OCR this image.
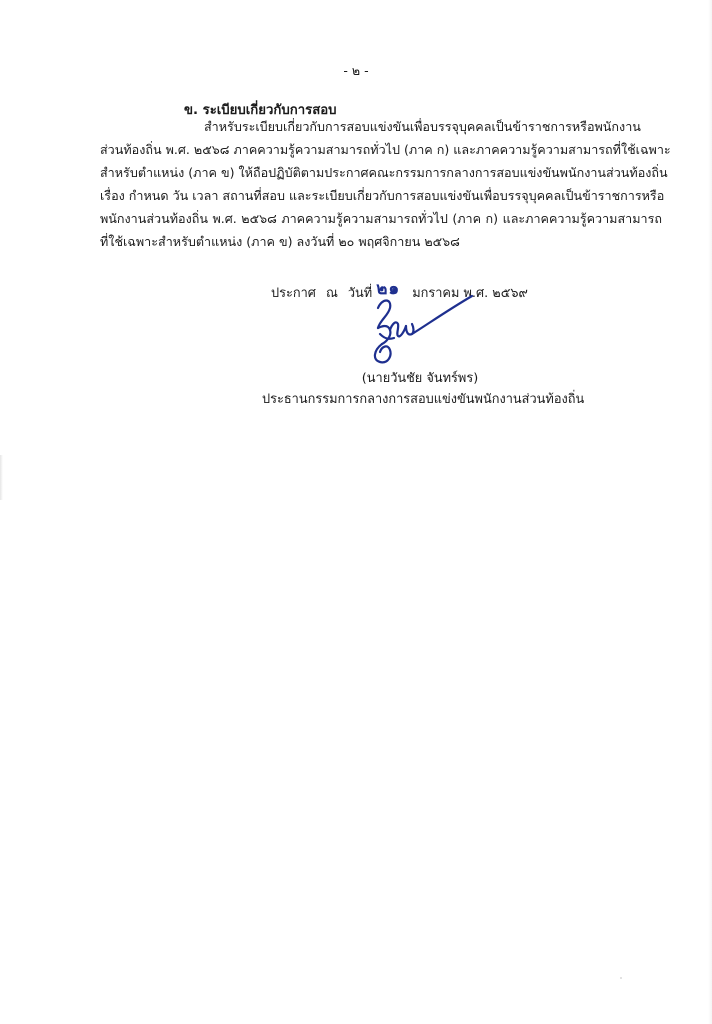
- ๒ -
ข. ระเบียบเกี่ยวกับการสอบ
สำหรับระเบียบเกี่ยวกับการสอบแข่งขันเพื่อบรรจุบุคคลเป็นข้าราชการหรือพนักงาน
ส่วนท้องถิ่น พ.ศ. ๒๕๖๘ ภาคความรู้ความสามารถทั่วไป (ภาค ก) และภาคความรู้ความสามารถที่ใช้เฉพาะ
สำหรับตำแหน่ง (ภาค ข) ให้ถือปฏิบัติตามประกาศคณะกรรมการกลางการสอบแข่งขันพนักงานส่วนท้องถิ่น
เรื่อง กำหนด วัน เวลา สถานที่สอบ และระเบียบเกี่ยวกับการสอบแข่งขันเพื่อบรรจุบุคคลเป็นข้าราชการหรือ
พนักงานส่วนท้องถิ่น พ.ศ. ๒๕๖๘ ภาคความรู้ความสามารถทั่วไป (ภาค ก) และภาคความรู้ความสามารถ
ที่ใช้เฉพาะสำหรับตำแหน่ง (ภาค ข) ลงวันที่ ๒๐ พฤศจิกายน ๒๕๖๘
ประกาศ ณ วันที่ ๒๑ มกราคม พ.ศ. ๒๕๖๙
(นายวันชัย จันทร์พร)
ประธานกรรมการกลางการสอบแข่งขันพนักงานส่วนท้องถิ่น
